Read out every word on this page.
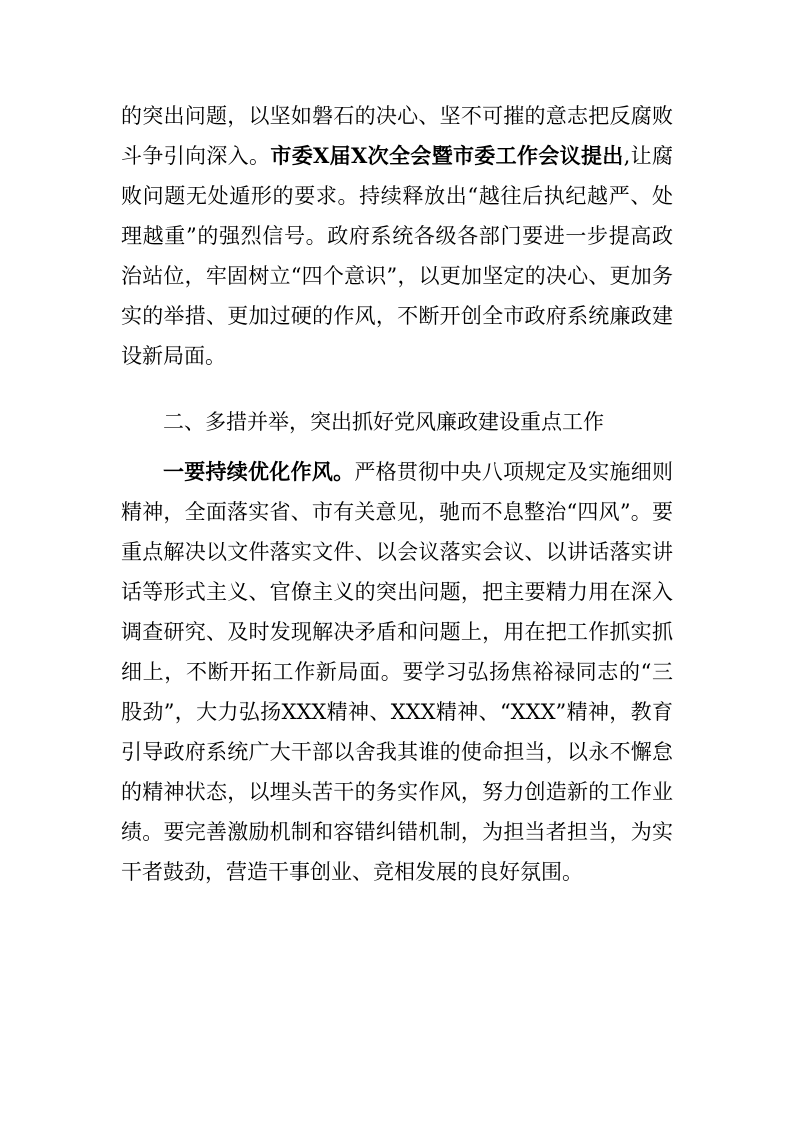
的突出问题，以坚如磐石的决心、坚不可摧的意志把反腐败斗争引向深入。市委X届X次全会暨市委工作会议提出,让腐败问题无处遁形的要求。持续释放出“越往后执纪越严、处理越重”的强烈信号。政府系统各级各部门要进一步提高政治站位，牢固树立“四个意识”，以更加坚定的决心、更加务实的举措、更加过硬的作风，不断开创全市政府系统廉政建设新局面。

二、多措并举，突出抓好党风廉政建设重点工作

一要持续优化作风。严格贯彻中央八项规定及实施细则精神，全面落实省、市有关意见，驰而不息整治“四风”。要重点解决以文件落实文件、以会议落实会议、以讲话落实讲话等形式主义、官僚主义的突出问题，把主要精力用在深入调查研究、及时发现解决矛盾和问题上，用在把工作抓实抓细上，不断开拓工作新局面。要学习弘扬焦裕禄同志的“三股劲”，大力弘扬XXX精神、XXX精神、“XXX”精神，教育引导政府系统广大干部以舍我其谁的使命担当，以永不懈怠的精神状态，以埋头苦干的务实作风，努力创造新的工作业绩。要完善激励机制和容错纠错机制，为担当者担当，为实干者鼓劲，营造干事创业、竞相发展的良好氛围。
